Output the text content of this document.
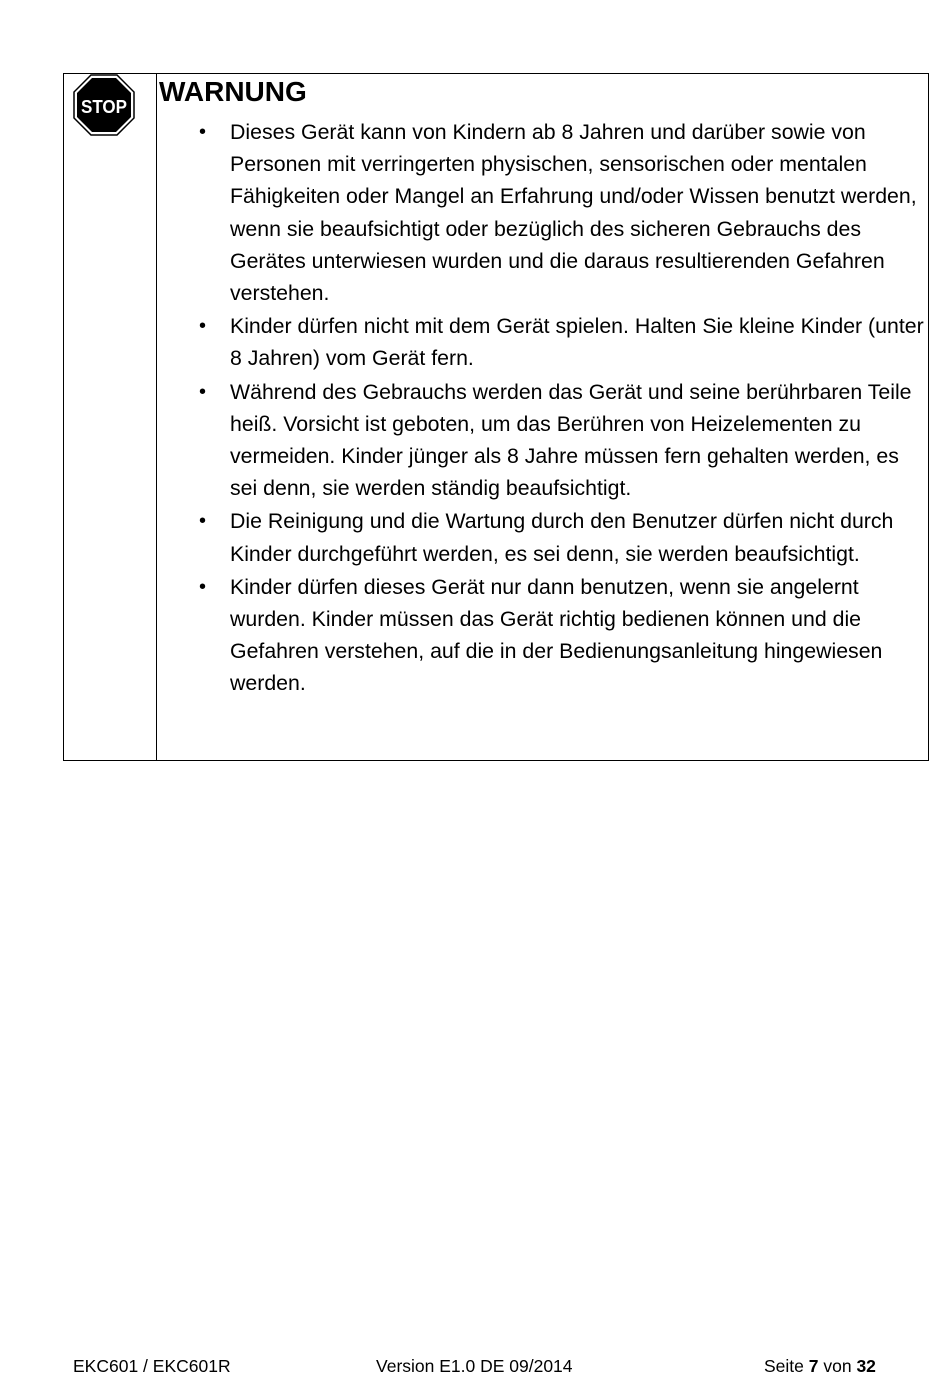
STOP WARNUNG
• Dieses Gerät kann von Kindern ab 8 Jahren und darüber sowie von Personen mit verringerten physischen, sensorischen oder mentalen Fähigkeiten oder Mangel an Erfahrung und/oder Wissen benutzt werden, wenn sie beaufsichtigt oder bezüglich des sicheren Gebrauchs des Gerätes unterwiesen wurden und die daraus resultierenden Gefahren verstehen.
• Kinder dürfen nicht mit dem Gerät spielen. Halten Sie kleine Kinder (unter 8 Jahren) vom Gerät fern.
• Während des Gebrauchs werden das Gerät und seine berührbaren Teile heiß. Vorsicht ist geboten, um das Berühren von Heizelementen zu vermeiden. Kinder jünger als 8 Jahre müssen fern gehalten werden, es sei denn, sie werden ständig beaufsichtigt.
• Die Reinigung und die Wartung durch den Benutzer dürfen nicht durch Kinder durchgeführt werden, es sei denn, sie werden beaufsichtigt.
• Kinder dürfen dieses Gerät nur dann benutzen, wenn sie angelernt wurden. Kinder müssen das Gerät richtig bedienen können und die Gefahren verstehen, auf die in der Bedienungsanleitung hingewiesen werden.
EKC601 / EKC601R	Version E1.0 DE 09/2014	Seite 7 von 32
